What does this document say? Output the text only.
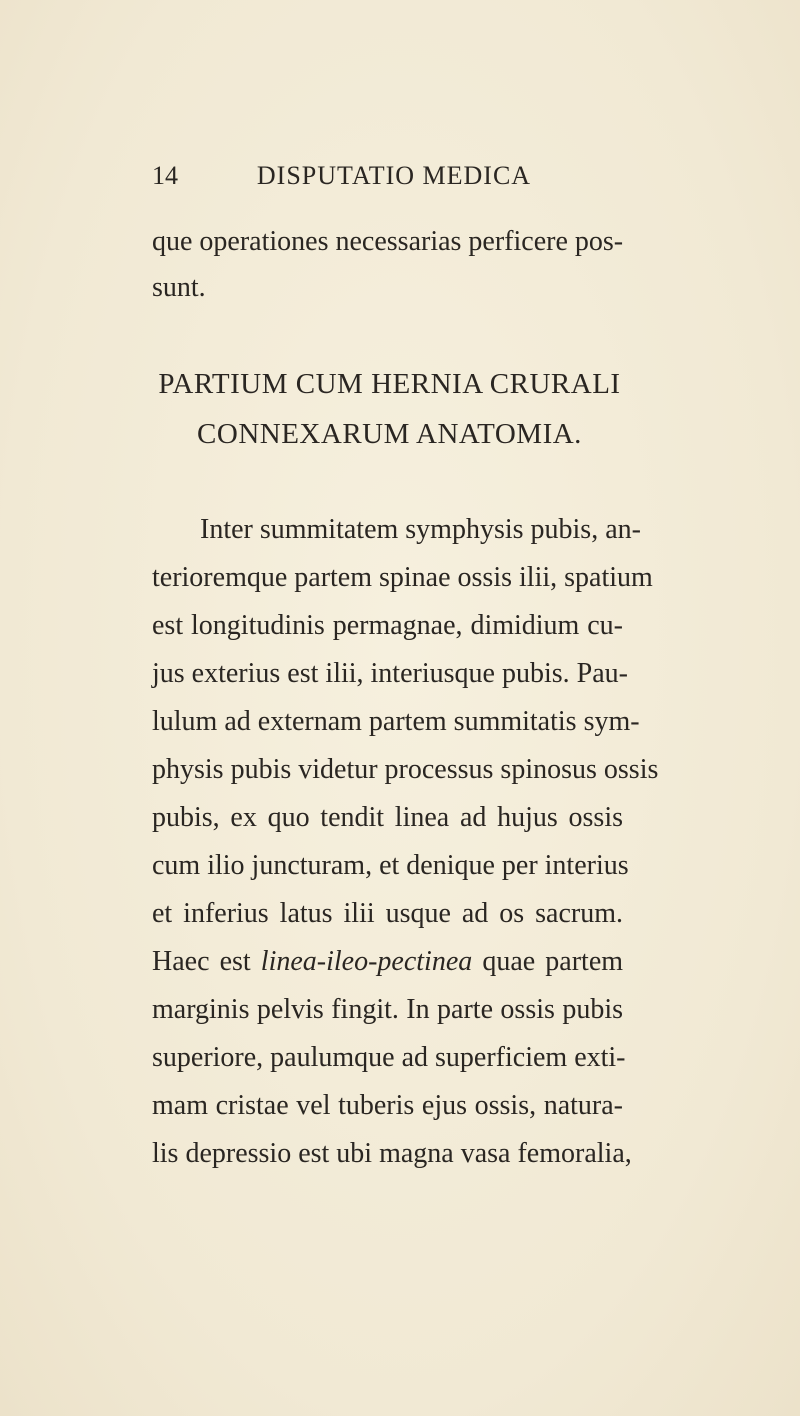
14	DISPUTATIO MEDICA
que operationes necessarias perficere pos-
sunt.
PARTIUM CUM HERNIA CRURALI
CONNEXARUM ANATOMIA.
Inter summitatem symphysis pubis, an-
terioremque partem spinae ossis ilii, spatium
est longitudinis permagnae, dimidium cu-
jus exterius est ilii, interiusque pubis. Pau-
lulum ad externam partem summitatis sym-
physis pubis videtur processus spinosus ossis
pubis, ex quo tendit linea ad hujus ossis
cum ilio juncturam, et denique per interius
et inferius latus ilii usque ad os sacrum.
Haec est linea-ileo-pectinea quae partem
marginis pelvis fingit. In parte ossis pubis
superiore, paulumque ad superficiem exti-
mam cristae vel tuberis ejus ossis, natura-
lis depressio est ubi magna vasa femoralia,
